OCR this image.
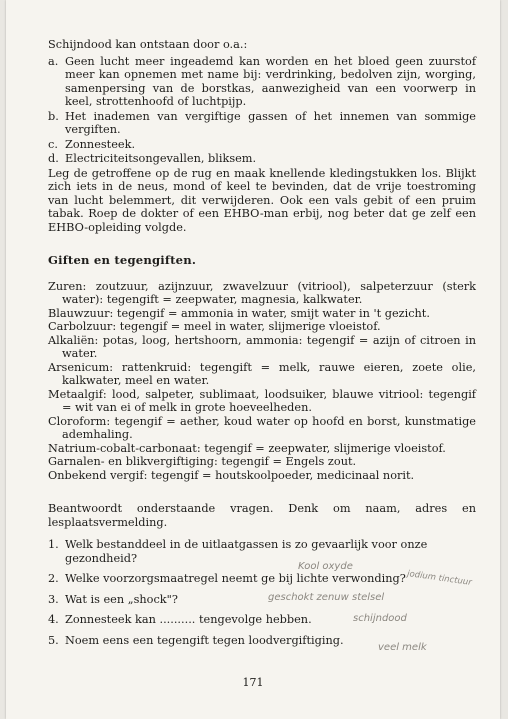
Schijndood kan ontstaan door o.a.:

a. Geen lucht meer ingeademd kan worden en het bloed geen zuurstof meer kan opnemen met name bij: verdrinking, bedolven zijn, worging, samenpersing van de borstkas, aanwezigheid van een voorwerp in keel, strottenhoofd of luchtpijp.
b. Het inademen van vergiftige gassen of het innemen van sommige vergiften.
c. Zonnesteek.
d. Electriciteitsongevallen, bliksem.

Leg de getroffene op de rug en maak knellende kledingstukken los. Blijkt zich iets in de neus, mond of keel te bevinden, dat de vrije toestroming van lucht belemmert, dit verwijderen. Ook een vals gebit of een pruim tabak. Roep de dokter of een EHBO-man erbij, nog beter dat ge zelf een EHBO-opleiding volgde.

Giften en tegengiften.

Zuren: zoutzuur, azijnzuur, zwavelzuur (vitriool), salpeterzuur (sterk water): tegengift = zeepwater, magnesia, kalkwater.

Blauwzuur: tegengif = ammonia in water, smijt water in 't gezicht.

Carbolzuur: tegengif = meel in water, slijmerige vloeistof.

Alkaliën: potas, loog, hertshoorn, ammonia: tegengif = azijn of citroen in water.

Arsenicum: rattenkruid: tegengift = melk, rauwe eieren, zoete olie, kalkwater, meel en water.

Metaalgif: lood, salpeter, sublimaat, loodsuiker, blauwe vitriool: tegengif = wit van ei of melk in grote hoeveelheden.

Cloroform: tegengif = aether, koud water op hoofd en borst, kunstmatige ademhaling.

Natrium-cobalt-carbonaat: tegengif = zeepwater, slijmerige vloeistof.

Garnalen- en blikvergiftiging: tegengif = Engels zout.

Onbekend vergif: tegengif = houtskoolpoeder, medicinaal norit.

Beantwoordt onderstaande vragen. Denk om naam, adres en lesplaatsvermelding.

1. Welk bestanddeel in de uitlaatgassen is zo gevaarlijk voor onze gezondheid?
Kool oxyde
2. Welke voorzorgsmaatregel neemt ge bij lichte verwonding? jodium tinctuur
3. Wat is een „shock"?	geschokt zenuw stelsel
4. Zonnesteek kan .......... tengevolge hebben.	schijndood
5. Noem eens een tegengift tegen loodvergiftiging.
veel melk
171
